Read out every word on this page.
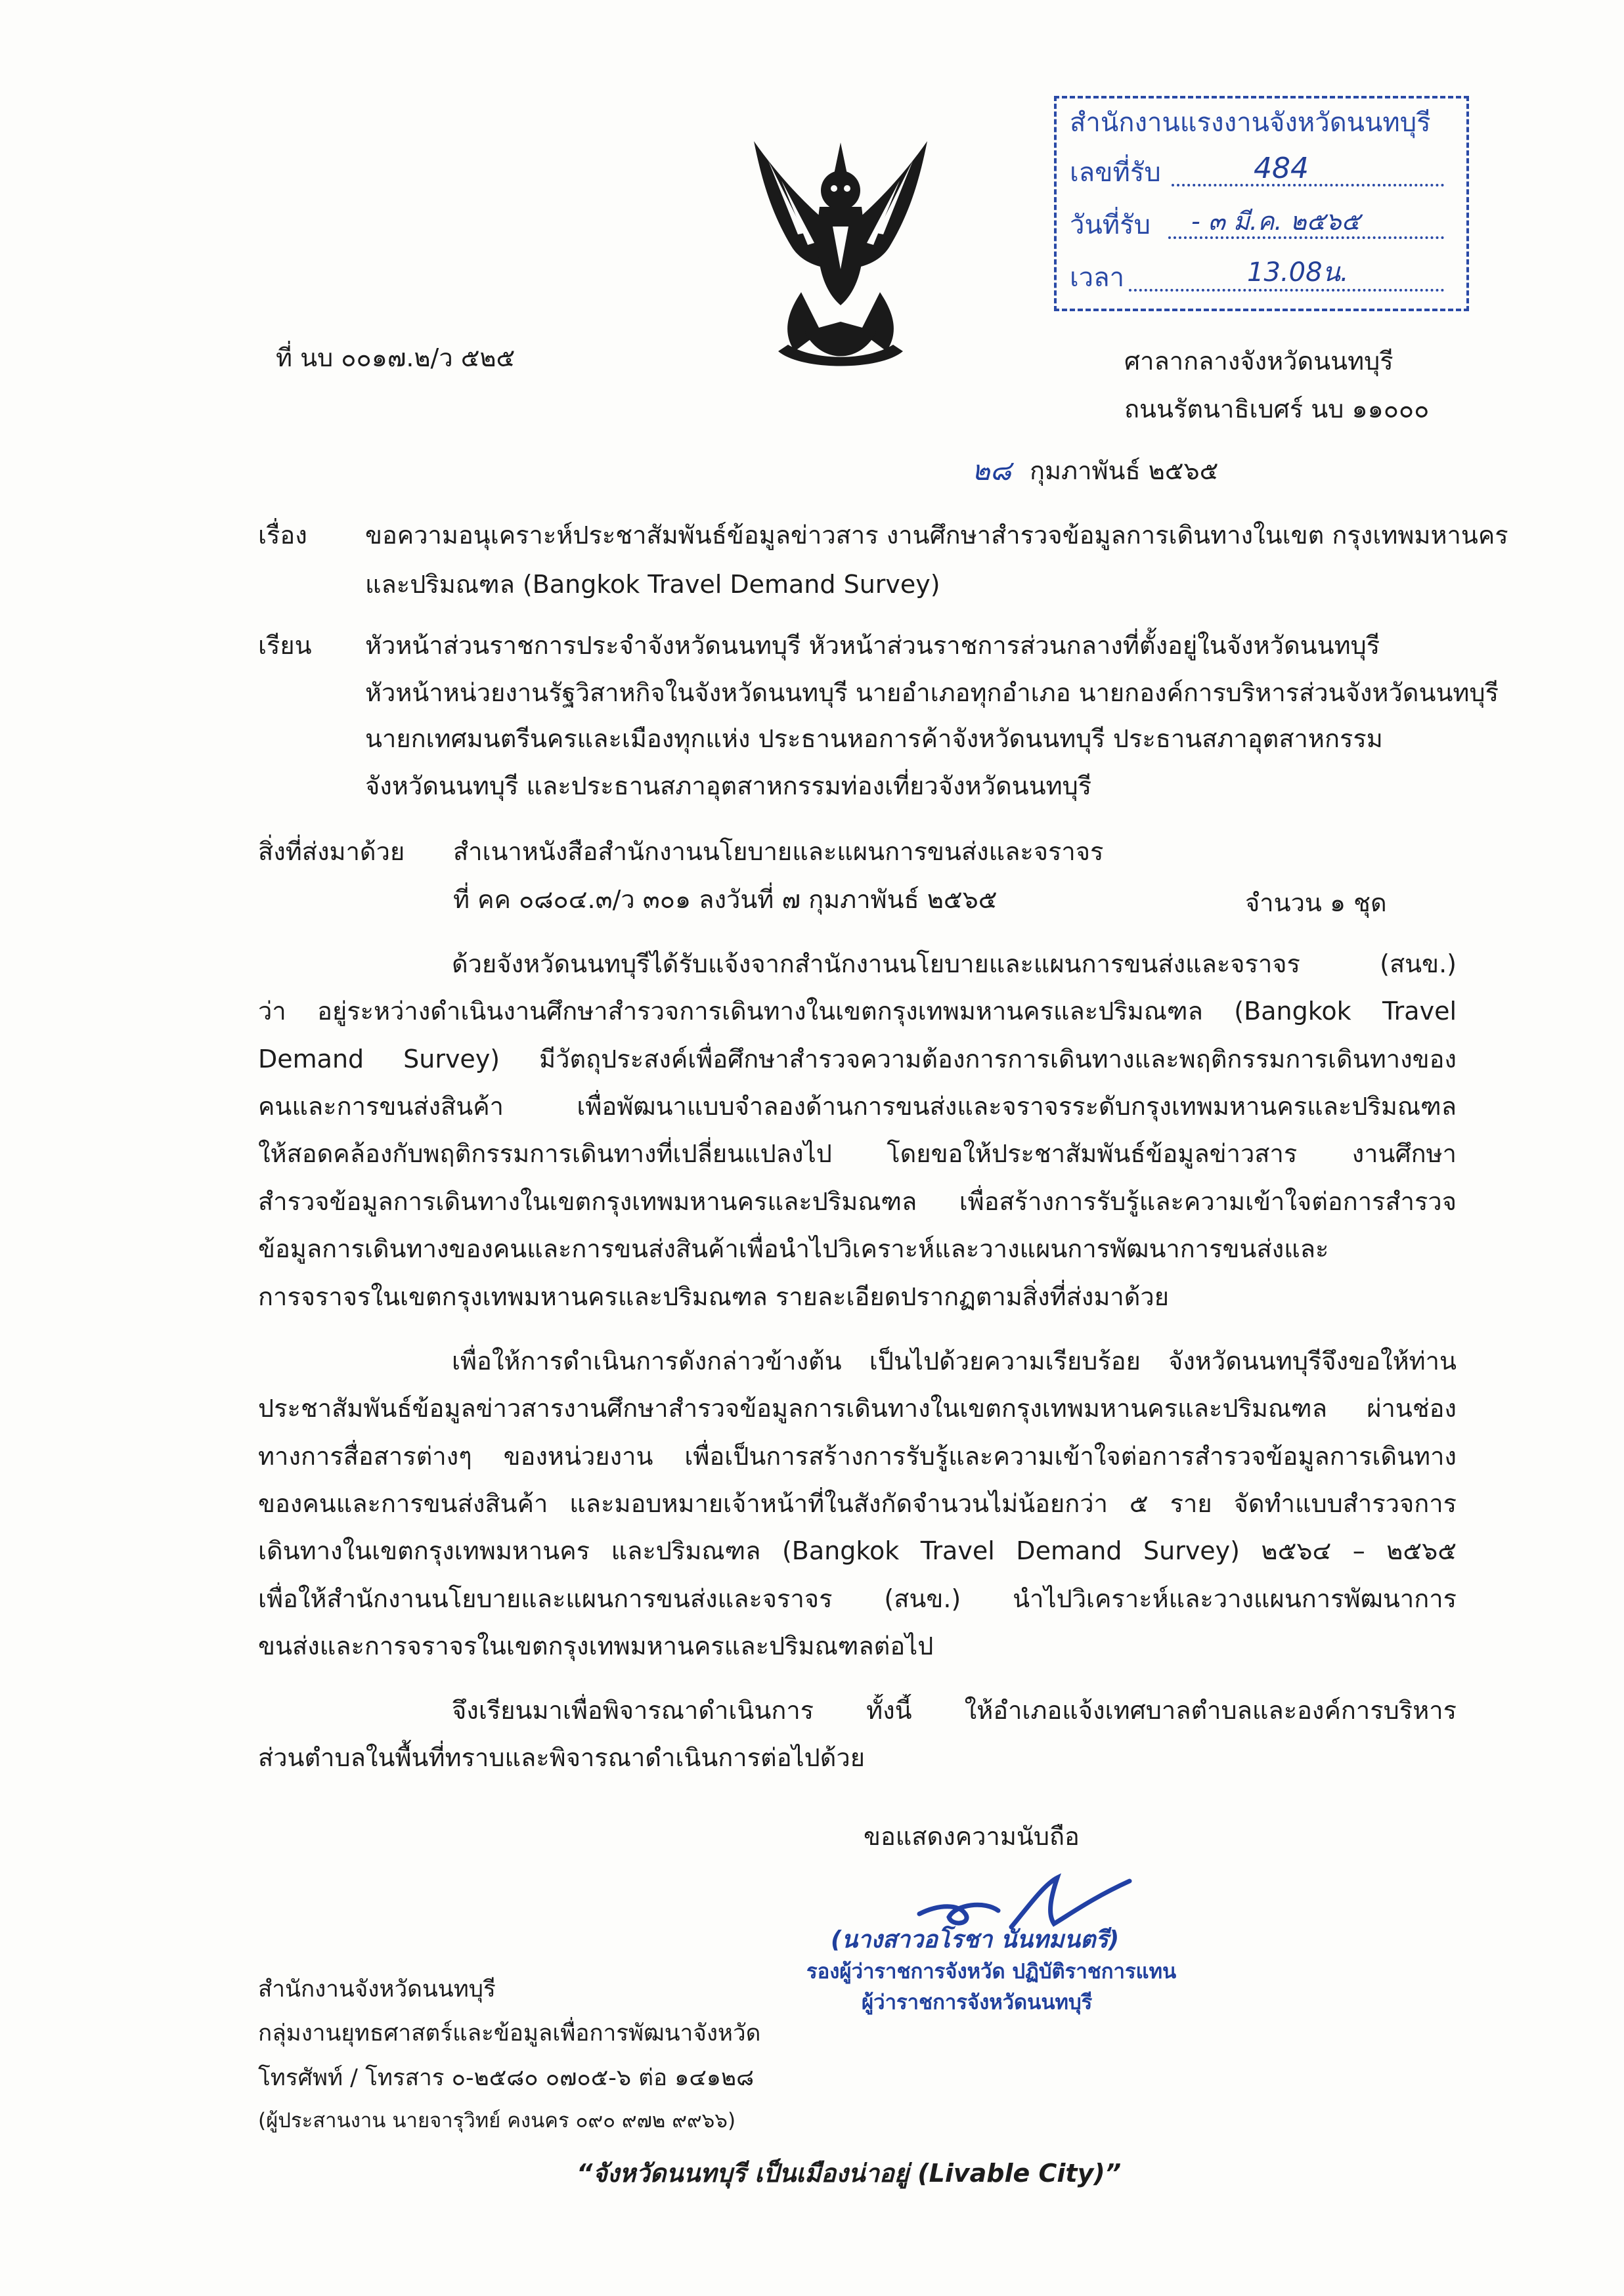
สำนักงานแรงงานจังหวัดนนทบุรี
เลขที่รับ	484
วันที่รับ - ๓ มี.ค. ๒๕๖๕
เวลา	13.08น.
ที่ นบ ๐๐๑๗.๒/ว ๕๒๕	ศาลากลางจังหวัดนนทบุรี
ถนนรัตนาธิเบศร์ นบ ๑๑๐๐๐
๒๘ กุมภาพันธ์ ๒๕๖๕
เรื่อง ขอความอนุเคราะห์ประชาสัมพันธ์ข้อมูลข่าวสาร งานศึกษาสำรวจข้อมูลการเดินทางในเขต กรุงเทพมหานคร
และปริมณฑล (Bangkok Travel Demand Survey)
เรียน หัวหน้าส่วนราชการประจำจังหวัดนนทบุรี หัวหน้าส่วนราชการส่วนกลางที่ตั้งอยู่ในจังหวัดนนทบุรี
หัวหน้าหน่วยงานรัฐวิสาหกิจในจังหวัดนนทบุรี นายอำเภอทุกอำเภอ นายกองค์การบริหารส่วนจังหวัดนนทบุรี
นายกเทศมนตรีนครและเมืองทุกแห่ง ประธานหอการค้าจังหวัดนนทบุรี ประธานสภาอุตสาหกรรม
จังหวัดนนทบุรี และประธานสภาอุตสาหกรรมท่องเที่ยวจังหวัดนนทบุรี
สิ่งที่ส่งมาด้วย สำเนาหนังสือสำนักงานนโยบายและแผนการขนส่งและจราจร
ที่ คค ๐๘๐๔.๓/ว ๓๐๑ ลงวันที่ ๗ กุมภาพันธ์ ๒๕๖๕	จำนวน ๑ ชุด
ด้วยจังหวัดนนทบุรีได้รับแจ้งจากสำนักงานนโยบายและแผนการขนส่งและจราจร (สนข.)
ว่า อยู่ระหว่างดำเนินงานศึกษาสำรวจการเดินทางในเขตกรุงเทพมหานครและปริมณฑล (Bangkok Travel
Demand Survey) มีวัตถุประสงค์เพื่อศึกษาสำรวจความต้องการการเดินทางและพฤติกรรมการเดินทางของ
คนและการขนส่งสินค้า เพื่อพัฒนาแบบจำลองด้านการขนส่งและจราจรระดับกรุงเทพมหานครและปริมณฑล
ให้สอดคล้องกับพฤติกรรมการเดินทางที่เปลี่ยนแปลงไป โดยขอให้ประชาสัมพันธ์ข้อมูลข่าวสาร งานศึกษา
สำรวจข้อมูลการเดินทางในเขตกรุงเทพมหานครและปริมณฑล เพื่อสร้างการรับรู้และความเข้าใจต่อการสำรวจ
ข้อมูลการเดินทางของคนและการขนส่งสินค้าเพื่อนำไปวิเคราะห์และวางแผนการพัฒนาการขนส่งและ
การจราจรในเขตกรุงเทพมหานครและปริมณฑล รายละเอียดปรากฏตามสิ่งที่ส่งมาด้วย
เพื่อให้การดำเนินการดังกล่าวข้างต้น เป็นไปด้วยความเรียบร้อย จังหวัดนนทบุรีจึงขอให้ท่าน
ประชาสัมพันธ์ข้อมูลข่าวสารงานศึกษาสำรวจข้อมูลการเดินทางในเขตกรุงเทพมหานครและปริมณฑล ผ่านช่อง
ทางการสื่อสารต่างๆ ของหน่วยงาน เพื่อเป็นการสร้างการรับรู้และความเข้าใจต่อการสำรวจข้อมูลการเดินทาง
ของคนและการขนส่งสินค้า และมอบหมายเจ้าหน้าที่ในสังกัดจำนวนไม่น้อยกว่า ๕ ราย จัดทำแบบสำรวจการ
เดินทางในเขตกรุงเทพมหานคร และปริมณฑล (Bangkok Travel Demand Survey) ๒๕๖๔ – ๒๕๖๕
เพื่อให้สำนักงานนโยบายและแผนการขนส่งและจราจร (สนข.) นำไปวิเคราะห์และวางแผนการพัฒนาการ
ขนส่งและการจราจรในเขตกรุงเทพมหานครและปริมณฑลต่อไป
จึงเรียนมาเพื่อพิจารณาดำเนินการ ทั้งนี้ ให้อำเภอแจ้งเทศบาลตำบลและองค์การบริหาร
ส่วนตำบลในพื้นที่ทราบและพิจารณาดำเนินการต่อไปด้วย
ขอแสดงความนับถือ
(นางสาวอโรชา นันทมนตรี)
รองผู้ว่าราชการจังหวัด ปฏิบัติราชการแทน
ผู้ว่าราชการจังหวัดนนทบุรี
สำนักงานจังหวัดนนทบุรี
กลุ่มงานยุทธศาสตร์และข้อมูลเพื่อการพัฒนาจังหวัด
โทรศัพท์ / โทรสาร ๐-๒๕๘๐ ๐๗๐๕-๖ ต่อ ๑๔๑๒๘
(ผู้ประสานงาน นายจารุวิทย์ คงนคร ๐๙๐ ๙๗๒ ๙๙๖๖)
“จังหวัดนนทบุรี เป็นเมืองน่าอยู่ (Livable City)”
